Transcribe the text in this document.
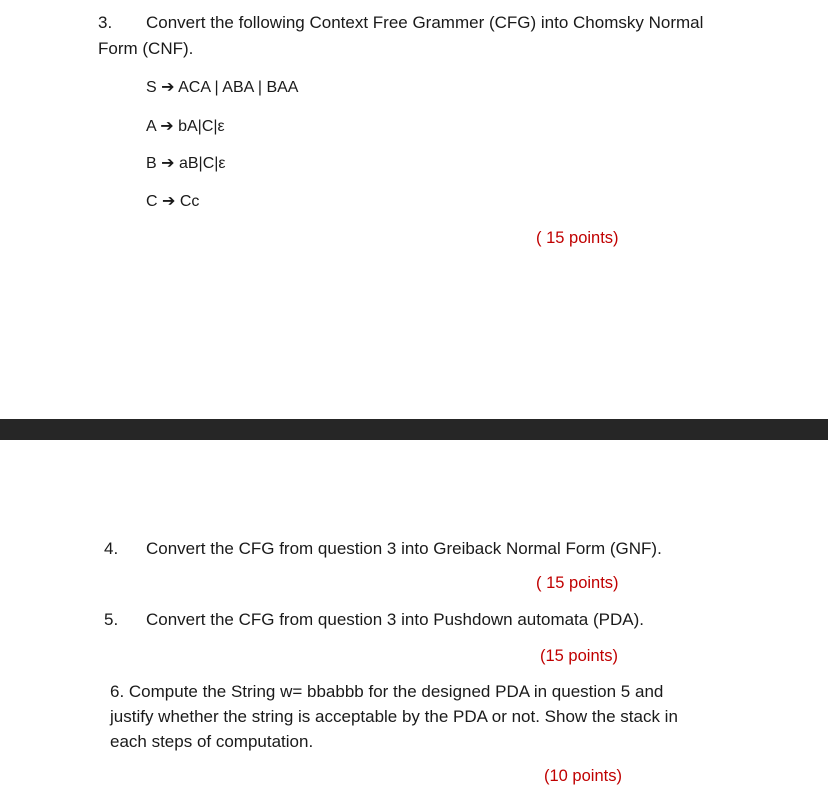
3. Convert the following Context Free Grammer (CFG) into Chomsky Normal
Form (CNF).
S ➔ ACA | ABA | BAA
A ➔ bA|C|ε
B ➔ aB|C|ε
C ➔ Cc
( 15 points)
4. Convert the CFG from question 3 into Greiback Normal Form (GNF).
( 15 points)
5. Convert the CFG from question 3 into Pushdown automata (PDA).
(15 points)
6. Compute the String w= bbabbb for the designed PDA in question 5 and
justify whether the string is acceptable by the PDA or not. Show the stack in
each steps of computation.
(10 points)
